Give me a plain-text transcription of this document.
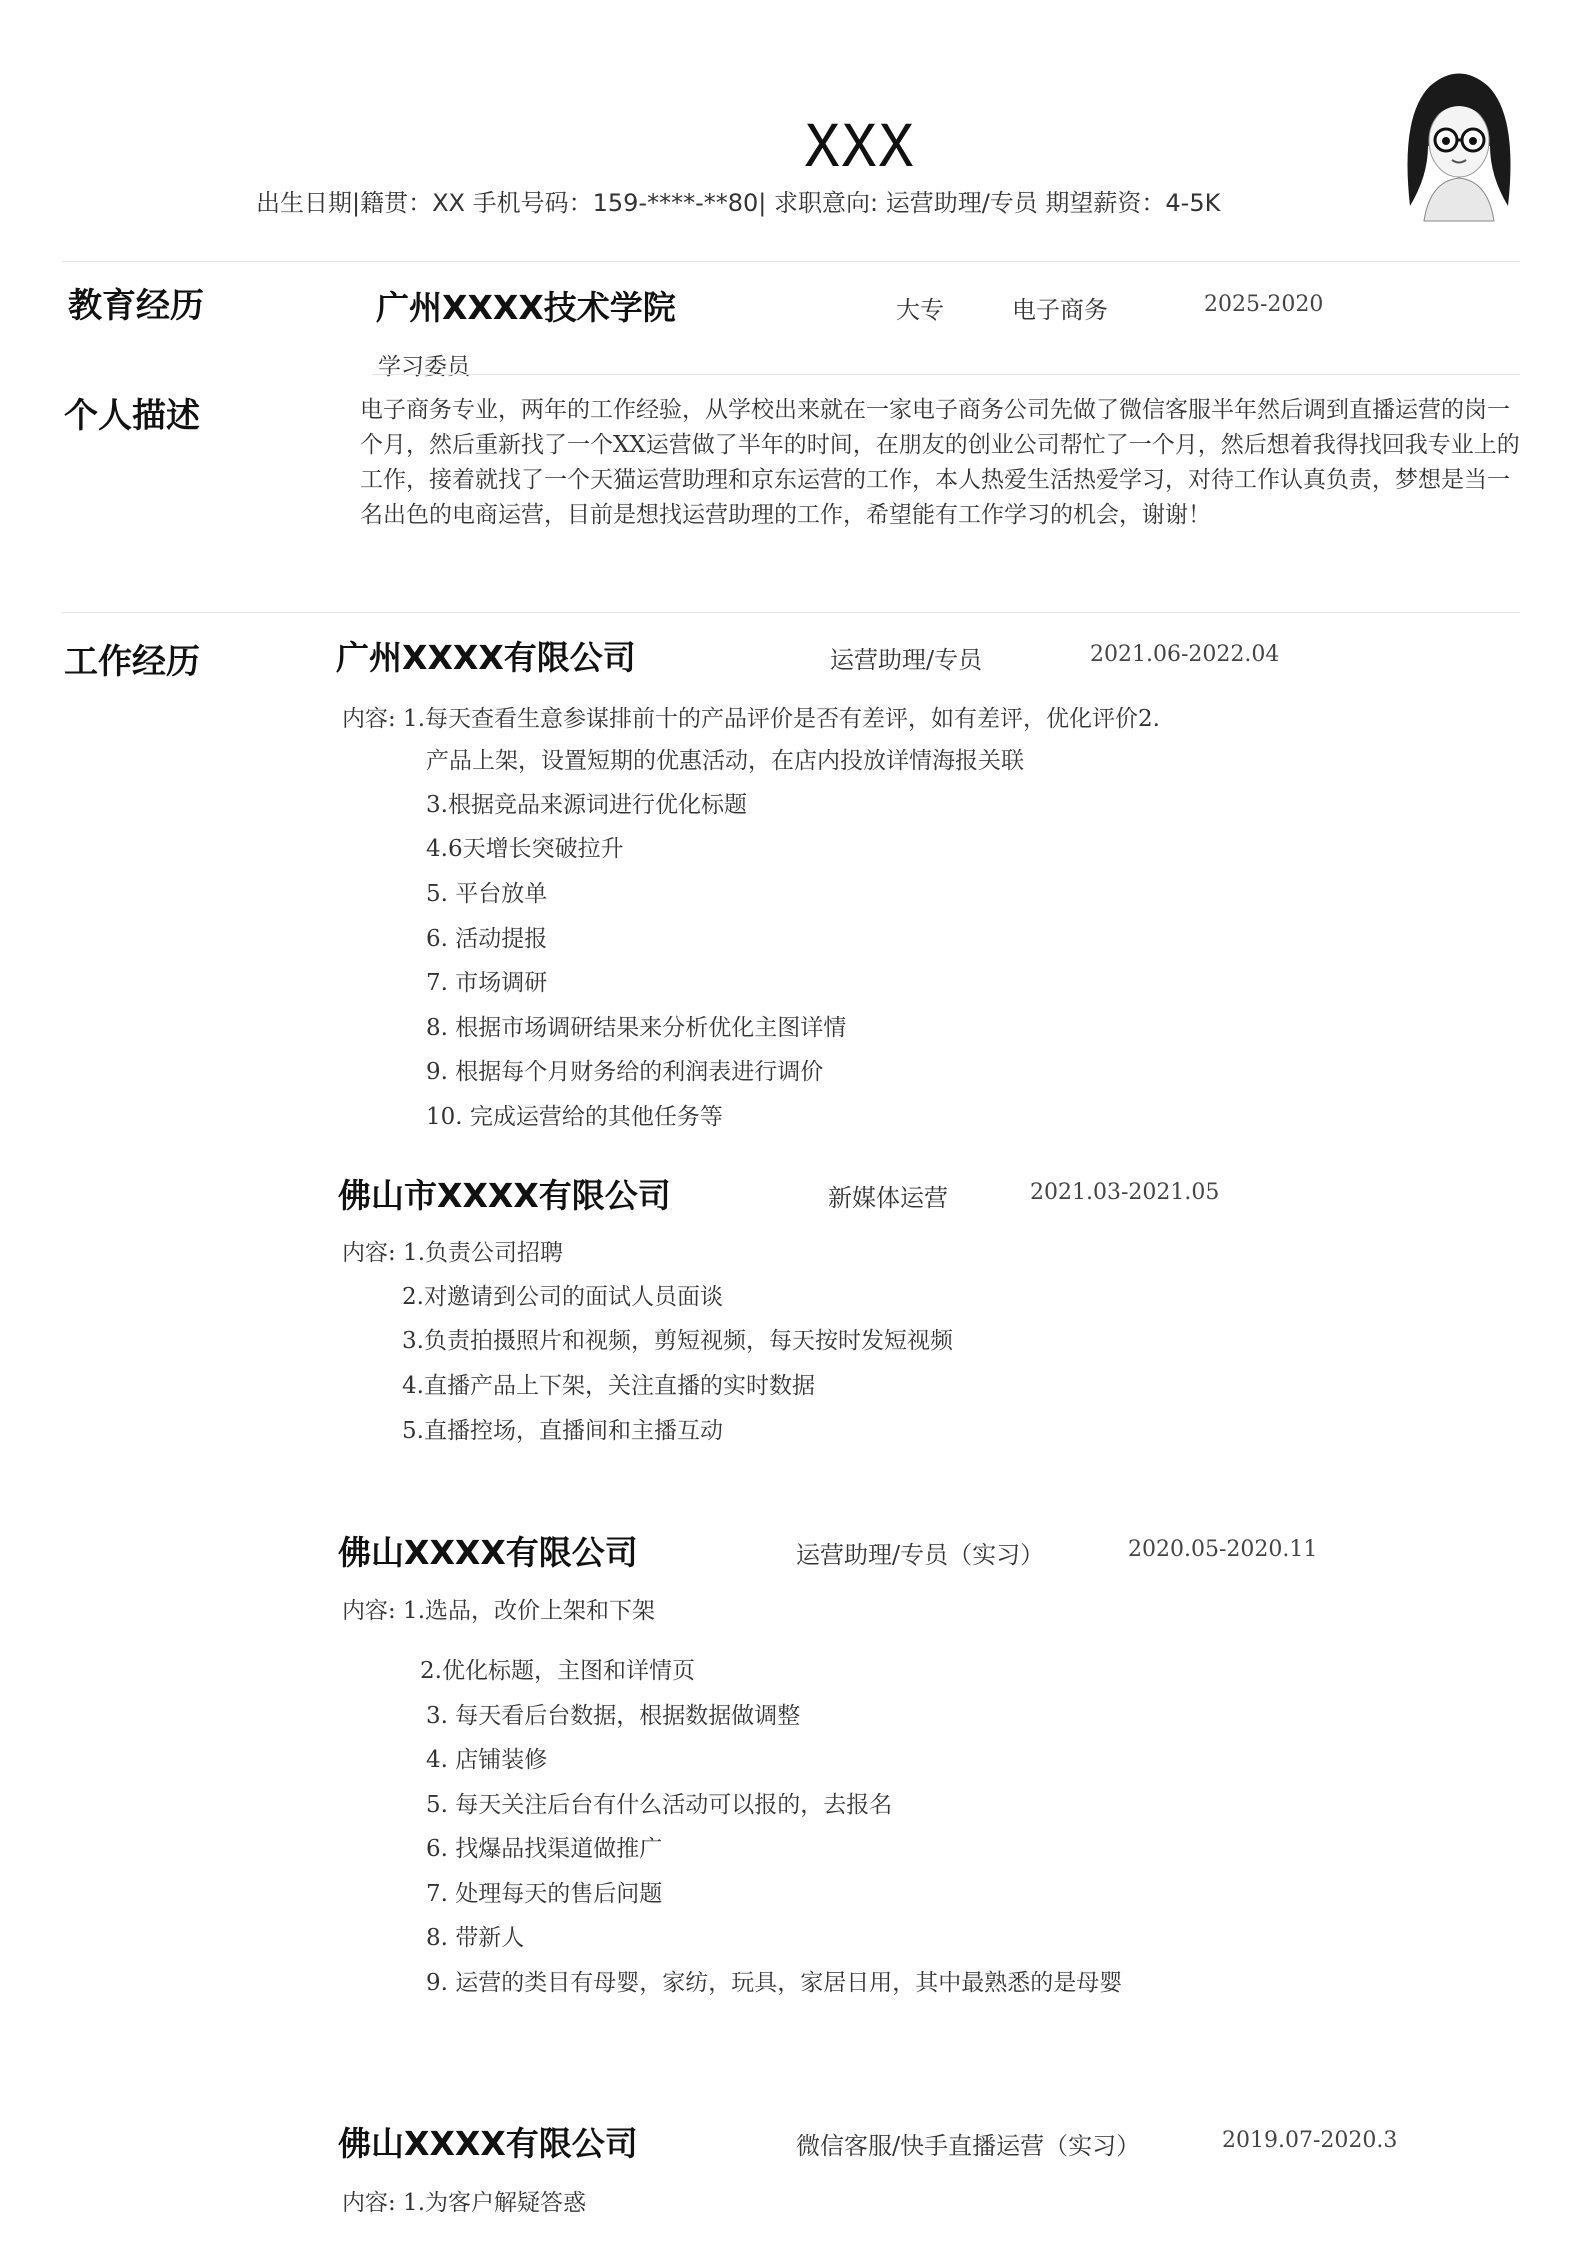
XXX
出生日期|籍贯：XX 手机号码：159-****-**80| 求职意向: 运营助理/专员 期望薪资：4-5K
教育经历	广州XXXX技术学院	大专	电子商务	2025-2020
学习委员
个人描述	电子商务专业，两年的工作经验，从学校出来就在一家电子商务公司先做了微信客服半年然后调到直播运营的岗一个月，然后重新找了一个XX运营做了半年的时间，在朋友的创业公司帮忙了一个月，然后想着我得找回我专业上的工作，接着就找了一个天猫运营助理和京东运营的工作，本人热爱生活热爱学习，对待工作认真负责，梦想是当一名出色的电商运营，目前是想找运营助理的工作，希望能有工作学习的机会，谢谢！
工作经历	广州XXXX有限公司	运营助理/专员	2021.06-2022.04
内容: 1.每天查看生意参谋排前十的产品评价是否有差评，如有差评，优化评价2.
产品上架，设置短期的优惠活动，在店内投放详情海报关联
3.根据竞品来源词进行优化标题
4.6天增长突破拉升
5. 平台放单
6. 活动提报
7. 市场调研
8. 根据市场调研结果来分析优化主图详情
9. 根据每个月财务给的利润表进行调价
10. 完成运营给的其他任务等
佛山市XXXX有限公司	新媒体运营	2021.03-2021.05
内容: 1.负责公司招聘
2.对邀请到公司的面试人员面谈
3.负责拍摄照片和视频，剪短视频，每天按时发短视频
4.直播产品上下架，关注直播的实时数据
5.直播控场，直播间和主播互动
佛山XXXX有限公司	运营助理/专员（实习）	2020.05-2020.11
内容: 1.选品，改价上架和下架
2.优化标题，主图和详情页
3. 每天看后台数据，根据数据做调整
4. 店铺装修
5. 每天关注后台有什么活动可以报的，去报名
6. 找爆品找渠道做推广
7. 处理每天的售后问题
8. 带新人
9. 运营的类目有母婴，家纺，玩具，家居日用，其中最熟悉的是母婴
佛山XXXX有限公司	微信客服/快手直播运营（实习）	2019.07-2020.3
内容: 1.为客户解疑答惑
